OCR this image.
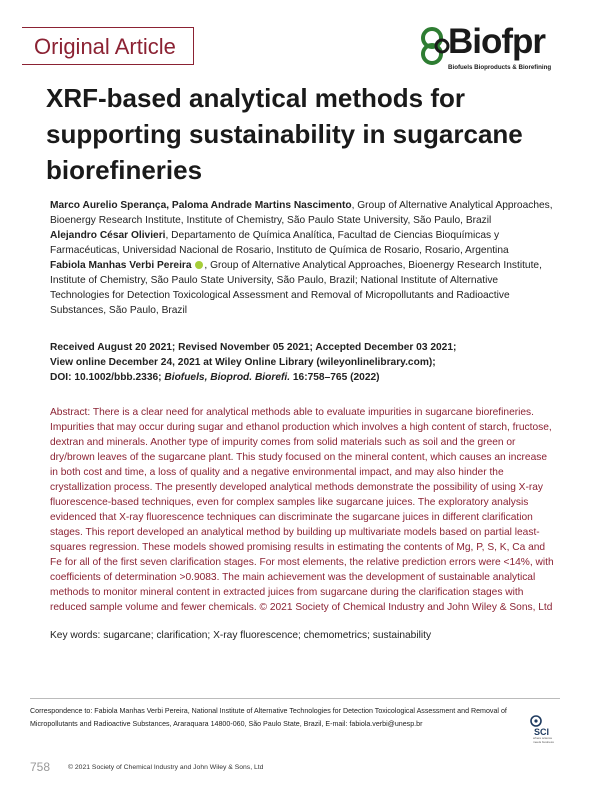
Original Article	Biofpr
Biofuels Bioproducts & Biorefining
XRF-based analytical methods for supporting sustainability in sugarcane biorefineries

Marco Aurelio Sperança, Paloma Andrade Martins Nascimento, Group of Alternative Analytical Approaches, Bioenergy Research Institute, Institute of Chemistry, São Paulo State University, São Paulo, Brazil

Alejandro César Olivieri, Departamento de Química Analítica, Facultad de Ciencias Bioquímicas y Farmacéuticas, Universidad Nacional de Rosario, Instituto de Química de Rosario, Rosario, Argentina

Fabiola Manhas Verbi Pereira , Group of Alternative Analytical Approaches, Bioenergy Research Institute, Institute of Chemistry, São Paulo State University, São Paulo, Brazil; National Institute of Alternative Technologies for Detection Toxicological Assessment and Removal of Micropollutants and Radioactive Substances, São Paulo, Brazil

Received August 20 2021; Revised November 05 2021; Accepted December 03 2021;

View online December 24, 2021 at Wiley Online Library (wileyonlinelibrary.com);

DOI: 10.1002/bbb.2336; Biofuels, Bioprod. Biorefi. 16:758–765 (2022)

Abstract: There is a clear need for analytical methods able to evaluate impurities in sugarcane biorefineries. Impurities that may occur during sugar and ethanol production which involves a high content of starch, fructose, dextran and minerals. Another type of impurity comes from solid materials such as soil and the green or dry/brown leaves of the sugarcane plant. This study focused on the mineral content, which causes an increase in both cost and time, a loss of quality and a negative environmental impact, and may also hinder the crystallization process. The presently developed analytical methods demonstrate the possibility of using X-ray fluorescence-based techniques, even for complex samples like sugarcane juices. The exploratory analysis evidenced that X-ray fluorescence techniques can discriminate the sugarcane juices in different clarification stages. This report developed an analytical method by building up multivariate models based on partial least-squares regression. These models showed promising results in estimating the contents of Mg, P, S, K, Ca and Fe for all of the first seven clarification stages. For most elements, the relative prediction errors were <14%, with coefficients of determination >0.9083. The main achievement was the development of sustainable analytical methods to monitor mineral content in extracted juices from sugarcane during the clarification stages with reduced sample volume and fewer chemicals. © 2021 Society of Chemical Industry and John Wiley & Sons, Ltd

Key words: sugarcane; clarification; X-ray fluorescence; chemometrics; sustainability

Correspondence to: Fabiola Manhas Verbi Pereira, National Institute of Alternative Technologies for Detection Toxicological Assessment and Removal of Micropollutants and Radioactive Substances, Araraquara 14800-060, São Paulo State, Brazil, E-mail: fabiola.verbi@unesp.br
SCI
where science meets business
758	© 2021 Society of Chemical Industry and John Wiley & Sons, Ltd
